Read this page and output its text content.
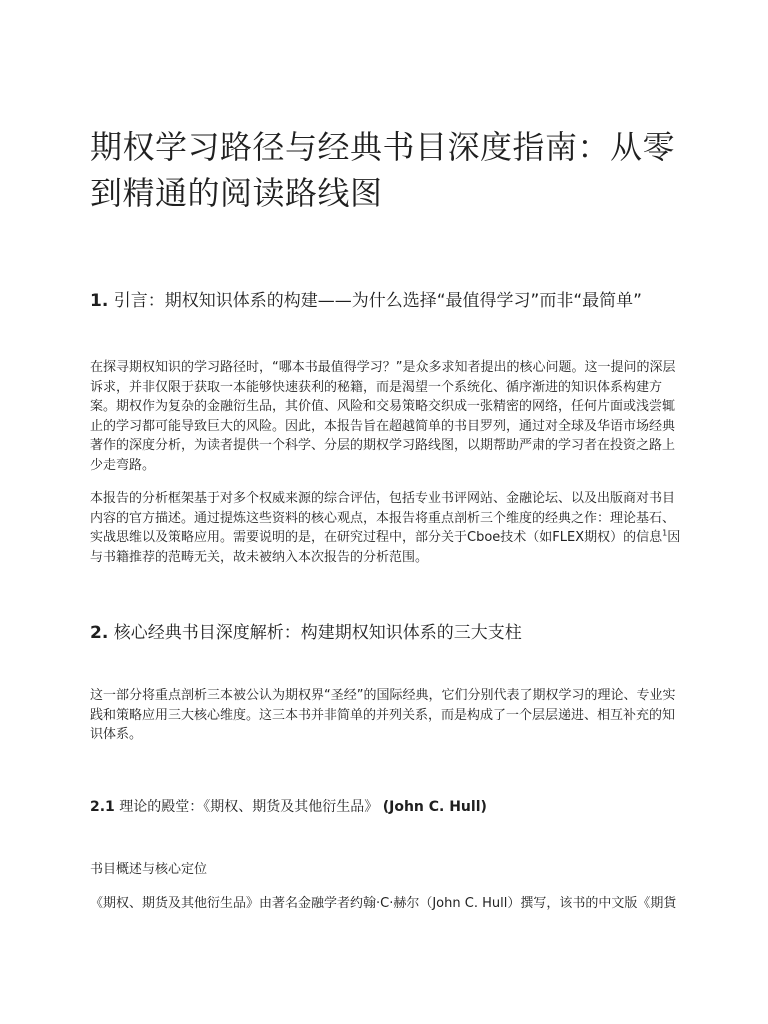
期权学习路径与经典书目深度指南：从零到精通的阅读路线图
1. 引言：期权知识体系的构建——为什么选择“最值得学习”而非“最简单”

在探寻期权知识的学习路径时，“哪本书最值得学习？”是众多求知者提出的核心问题。这一提问的深层诉求，并非仅限于获取一本能够快速获利的秘籍，而是渴望一个系统化、循序渐进的知识体系构建方案。期权作为复杂的金融衍生品，其价值、风险和交易策略交织成一张精密的网络，任何片面或浅尝辄止的学习都可能导致巨大的风险。因此，本报告旨在超越简单的书目罗列，通过对全球及华语市场经典著作的深度分析，为读者提供一个科学、分层的期权学习路线图，以期帮助严肃的学习者在投资之路上少走弯路。

本报告的分析框架基于对多个权威来源的综合评估，包括专业书评网站、金融论坛、以及出版商对书目内容的官方描述。通过提炼这些资料的核心观点，本报告将重点剖析三个维度的经典之作：理论基石、实战思维以及策略应用。需要说明的是，在研究过程中，部分关于Cboe技术（如FLEX期权）的信息$^1$因与书籍推荐的范畴无关，故未被纳入本次报告的分析范围。

2. 核心经典书目深度解析：构建期权知识体系的三大支柱

这一部分将重点剖析三本被公认为期权界“圣经”的国际经典，它们分别代表了期权学习的理论、专业实践和策略应用三大核心维度。这三本书并非简单的并列关系，而是构成了一个层层递进、相互补充的知识体系。

2.1 理论的殿堂：《期权、期货及其他衍生品》 (John C. Hull)

书目概述与核心定位

《期权、期货及其他衍生品》由著名金融学者约翰·C·赫尔（John C. Hull）撰写，该书的中文版《期貨
